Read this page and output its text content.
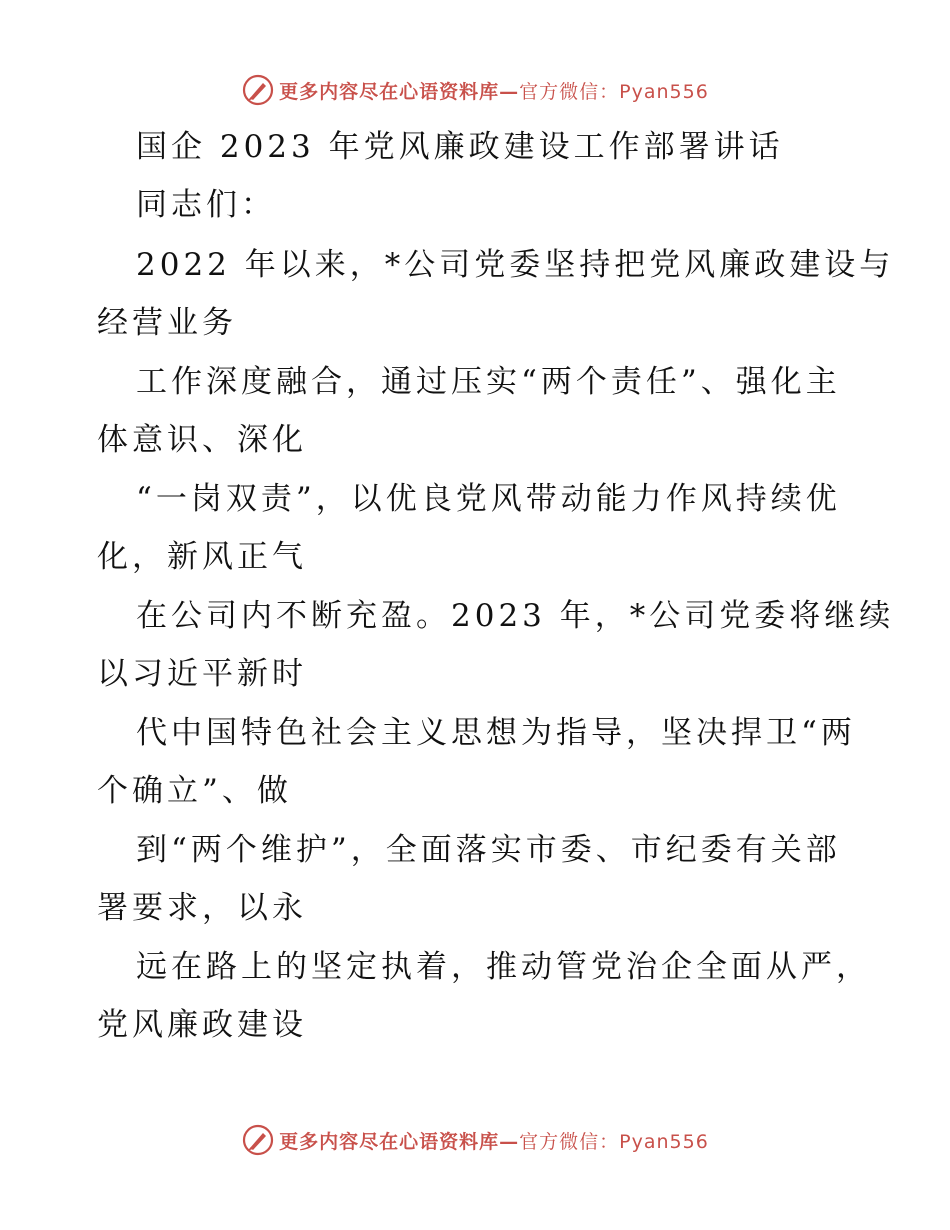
更多内容尽在心语资料库—官方微信：Pyan556
国企 2023 年党风廉政建设工作部署讲话
同志们：
2022 年以来，*公司党委坚持把党风廉政建设与
经营业务
工作深度融合，通过压实“两个责任”、强化主
体意识、深化
“一岗双责”，以优良党风带动能力作风持续优
化，新风正气
在公司内不断充盈。2023 年，*公司党委将继续
以习近平新时
代中国特色社会主义思想为指导，坚决捍卫“两
个确立”、做
到“两个维护”，全面落实市委、市纪委有关部
署要求，以永
远在路上的坚定执着，推动管党治企全面从严，
党风廉政建设
更多内容尽在心语资料库—官方微信：Pyan556
